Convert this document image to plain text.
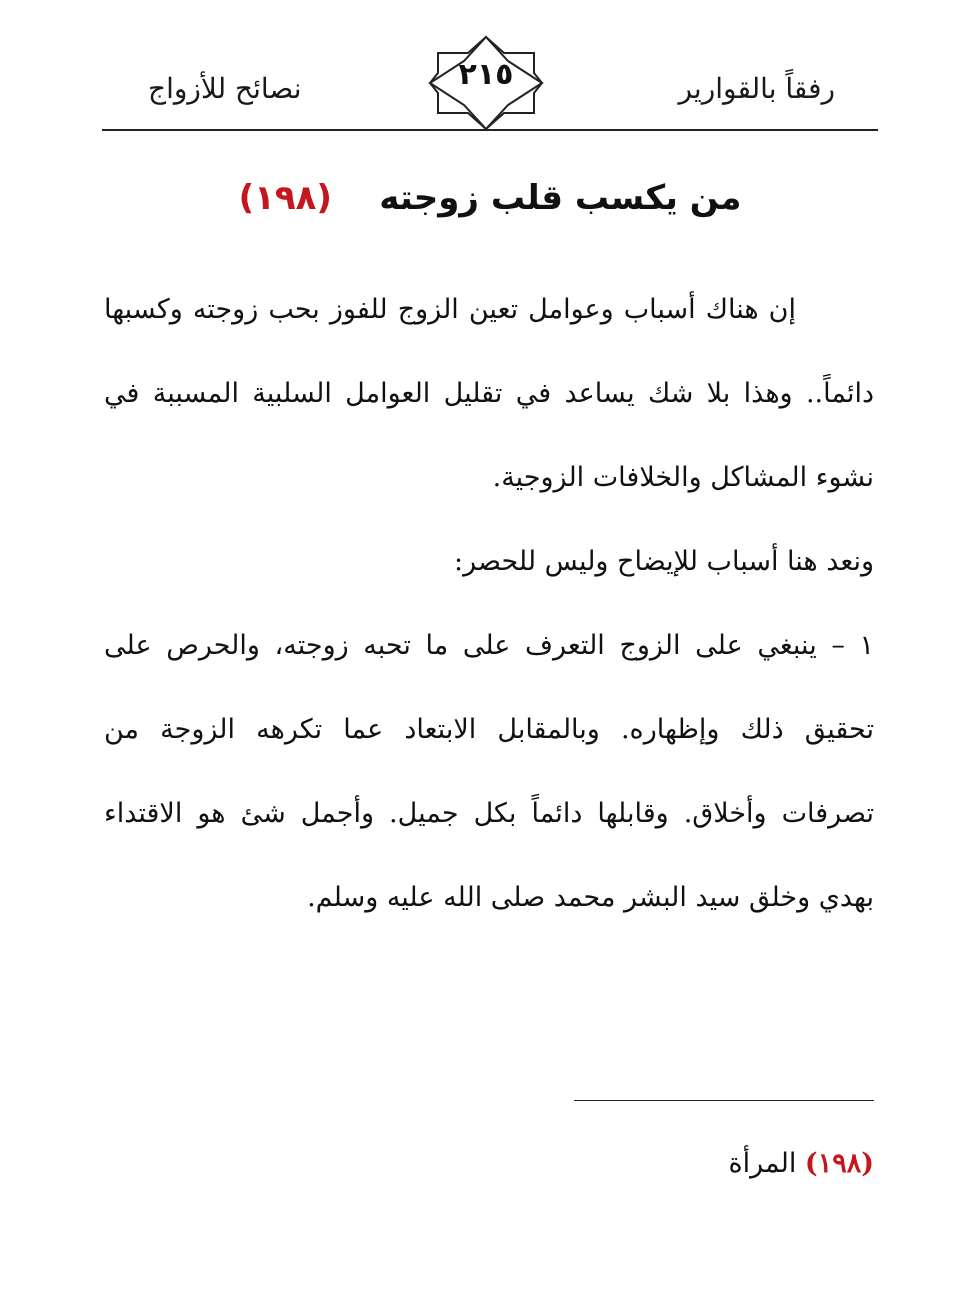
رفقاً بالقوارير
نصائح للأزواج	٢١٥
من يكسب قلب زوجته    (١٩٨)

إن هناك أسباب وعوامل تعين الزوج للفوز بحب زوجته وكسبها دائماً.. وهذا بلا شك يساعد في تقليل العوامل السلبية المسببة في نشوء المشاكل والخلافات الزوجية.

ونعد هنا أسباب للإيضاح وليس للحصر:

١ – ينبغي على الزوج التعرف على ما تحبه زوجته، والحرص على تحقيق ذلك وإظهاره. وبالمقابل الابتعاد عما تكرهه الزوجة من تصرفات وأخلاق. وقابلها دائماً بكل جميل. وأجمل شئ هو الاقتداء بهدي وخلق سيد البشر محمد صلى الله عليه وسلم.

(١٩٨) المرأة
